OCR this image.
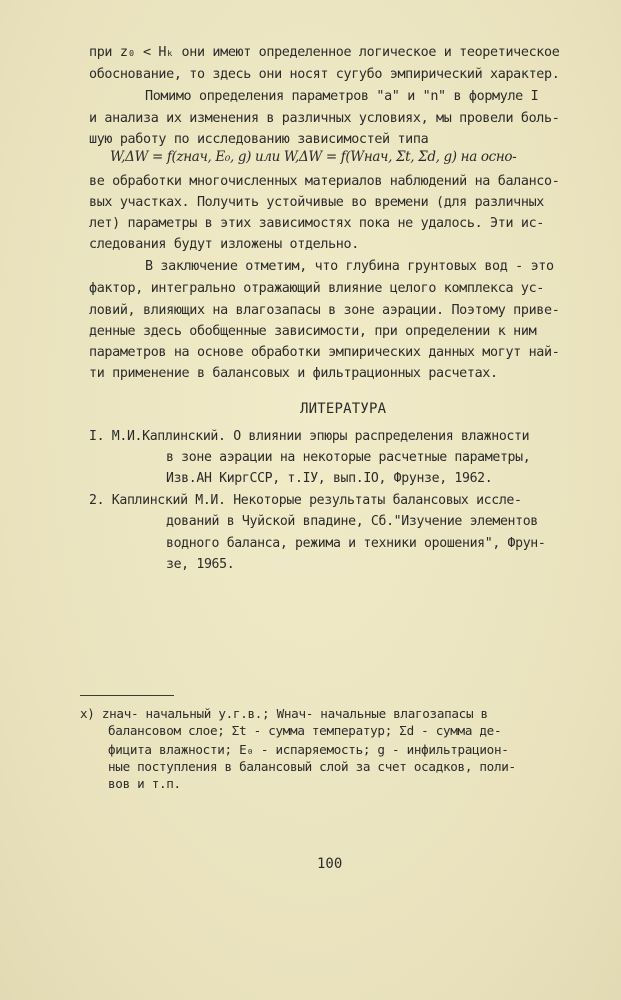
при z₀ < Hₖ они имеют определенное логическое и теоретическое
обоснование, то здесь они носят сугубо эмпирический характер.
Помимо определения параметров "а" и "n" в формуле I
и анализа их изменения в различных условиях, мы провели боль-
шую работу по исследованию зависимостей типа
W,ΔW = f(zнач, E₀, g) или W,ΔW = f(Wнач, Σt, Σd, g) на осно-
ве обработки многочисленных материалов наблюдений на балансо-
вых участках. Получить устойчивые во времени (для различных
лет) параметры в этих зависимостях пока не удалось. Эти ис-
следования будут изложены отдельно.
В заключение отметим, что глубина грунтовых вод - это
фактор, интегрально отражающий влияние целого комплекса ус-
ловий, влияющих на влагозапасы в зоне аэрации. Поэтому приве-
денные здесь обобщенные зависимости, при определении к ним
параметров на основе обработки эмпирических данных могут най-
ти применение в балансовых и фильтрационных расчетах.
ЛИТЕРАТУРА
I. М.И.Каплинский. О влиянии эпюры распределения влажности
в зоне аэрации на некоторые расчетные параметры,
Изв.АН КиргССР, т.IУ, вып.IO, Фрунзе, 1962.
2. Каплинский М.И. Некоторые результаты балансовых иссле-
дований в Чуйской впадине, Сб."Изучение элементов
водного баланса, режима и техники орошения", Фрун-
зе, 1965.
x) zнач- начальный у.г.в.; Wнач- начальные влагозапасы в
балансовом слое; Σt - сумма температур; Σd - сумма де-
фицита влажности; E₀ - испаряемость; g - инфильтрацион-
ные поступления в балансовый слой за счет осадков, поли-
вов и т.п.
100
